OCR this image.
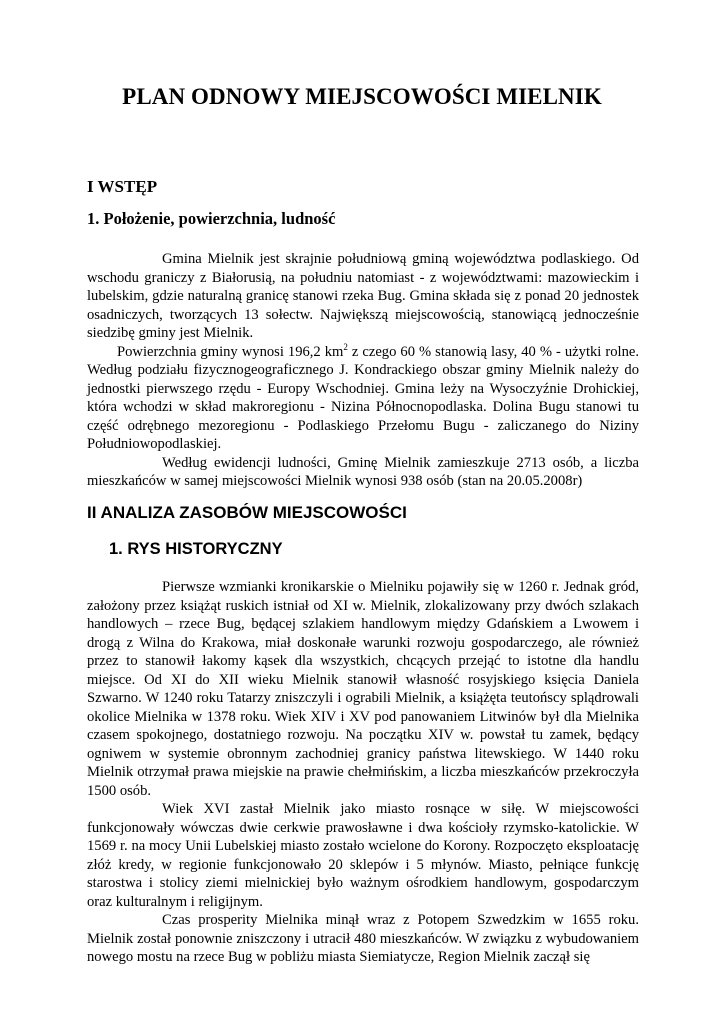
PLAN ODNOWY MIEJSCOWOŚCI MIELNIK
I WSTĘP
1. Położenie, powierzchnia, ludność

Gmina Mielnik jest skrajnie południową gminą województwa podlaskiego. Od wschodu graniczy z Białorusią, na południu natomiast - z województwami: mazowieckim i lubelskim, gdzie naturalną granicę stanowi rzeka Bug. Gmina składa się z ponad 20 jednostek osadniczych, tworzących 13 sołectw. Największą miejscowością, stanowiącą jednocześnie siedzibę gminy jest Mielnik.

Powierzchnia gminy wynosi 196,2 $km^2$ z czego 60 % stanowią lasy, 40 % - użytki rolne. Według podziału fizycznogeograficznego J. Kondrackiego obszar gminy Mielnik należy do jednostki pierwszego rzędu - Europy Wschodniej. Gmina leży na Wysoczyźnie Drohickiej, która wchodzi w skład makroregionu - Nizina Północnopodlaska. Dolina Bugu stanowi tu część odrębnego mezoregionu - Podlaskiego Przełomu Bugu - zaliczanego do Niziny Południowopodlaskiej.

Według ewidencji ludności, Gminę Mielnik zamieszkuje 2713 osób, a liczba mieszkańców w samej miejscowości Mielnik wynosi 938 osób (stan na 20.05.2008r)

II ANALIZA ZASOBÓW MIEJSCOWOŚCI
1. RYS HISTORYCZNY

Pierwsze wzmianki kronikarskie o Mielniku pojawiły się w 1260 r. Jednak gród, założony przez książąt ruskich istniał od XI w. Mielnik, zlokalizowany przy dwóch szlakach handlowych – rzece Bug, będącej szlakiem handlowym między Gdańskiem a Lwowem i drogą z Wilna do Krakowa, miał doskonałe warunki rozwoju gospodarczego, ale również przez to stanowił łakomy kąsek dla wszystkich, chcących przejąć to istotne dla handlu miejsce. Od XI do XII wieku Mielnik stanowił własność rosyjskiego księcia Daniela Szwarno. W 1240 roku Tatarzy zniszczyli i ograbili Mielnik, a książęta teutońscy splądrowali okolice Mielnika w 1378 roku. Wiek XIV i XV pod panowaniem Litwinów był dla Mielnika czasem spokojnego, dostatniego rozwoju. Na początku XIV w. powstał tu zamek, będący ogniwem w systemie obronnym zachodniej granicy państwa litewskiego. W 1440 roku Mielnik otrzymał prawa miejskie na prawie chełmińskim, a liczba mieszkańców przekroczyła 1500 osób.

Wiek XVI zastał Mielnik jako miasto rosnące w siłę. W miejscowości funkcjonowały wówczas dwie cerkwie prawosławne i dwa kościoły rzymsko-katolickie. W 1569 r. na mocy Unii Lubelskiej miasto zostało wcielone do Korony. Rozpoczęto eksploatację złóż kredy, w regionie funkcjonowało 20 sklepów i 5 młynów. Miasto, pełniące funkcję starostwa i stolicy ziemi mielnickiej było ważnym ośrodkiem handlowym, gospodarczym oraz kulturalnym i religijnym.

Czas prosperity Mielnika minął wraz z Potopem Szwedzkim w 1655 roku. Mielnik został ponownie zniszczony i utracił 480 mieszkańców. W związku z wybudowaniem nowego mostu na rzece Bug w pobliżu miasta Siemiatycze, Region Mielnik zaczął się
